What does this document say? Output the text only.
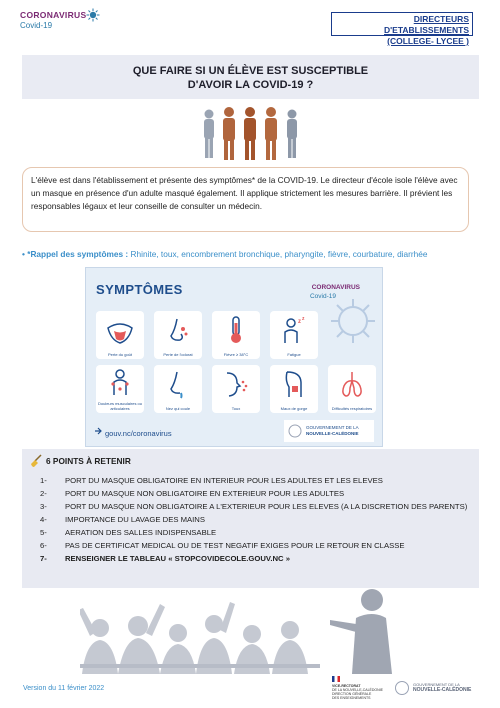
CORONAVIRUS
Covid-19
DIRECTEURS D'ETABLISSEMENTS
(COLLEGE- LYCEE )
QUE FAIRE SI UN ÉLÈVE EST SUSCEPTIBLE
D'AVOIR LA COVID-19 ?

L'élève est dans l'établissement et présente des symptômes* de la COVID-19. Le directeur d'école isole l'élève avec un masque en présence d'un adulte masqué également. Il applique strictement les mesures barrière. Il prévient les responsables légaux et leur conseille de consulter un médecin.

• *Rappel des symptômes : Rhinite, toux, encombrement bronchique, pharyngite, fièvre, courbature, diarrhée
SYMPTÔMES	CORONAVIRUS
Covid-19
Perte du goût	Perte de l'odorat	Fièvre ≥ 38°C
z z
Fatigue
Douleurs musculaires ou articulaires	Nez qui coule	Toux	Maux de gorge	Difficultés respiratoires
gouv.nc/coronavirus
GOUVERNEMENT DE LA
NOUVELLE-CALÉDONIE
6 POINTS À RETENIR
1-	PORT DU MASQUE OBLIGATOIRE EN INTERIEUR POUR LES ADULTES ET LES ELEVES
2-	PORT DU MASQUE NON OBLIGATOIRE EN EXTERIEUR POUR LES ADULTES
3-	PORT DU MASQUE NON OBLIGATOIRE A L'EXTERIEUR POUR LES ELEVES (A LA DISCRETION DES PARENTS)
4-	IMPORTANCE DU LAVAGE DES MAINS
5-	AERATION DES SALLES INDISPENSABLE
6-	PAS DE CERTIFICAT MEDICAL OU DE TEST NEGATIF EXIGES POUR LE RETOUR EN CLASSE
7-	RENSEIGNER LE TABLEAU « STOPCOVIDECOLE.GOUV.NC »
Version du 11 février 2022	VICE-RECTORAT
DE LA NOUVELLE-CALÉDONIE
DIRECTION GÉNÉRALE
DES ENSEIGNEMENTS
GOUVERNEMENT DE LA
NOUVELLE-CALÉDONIE
